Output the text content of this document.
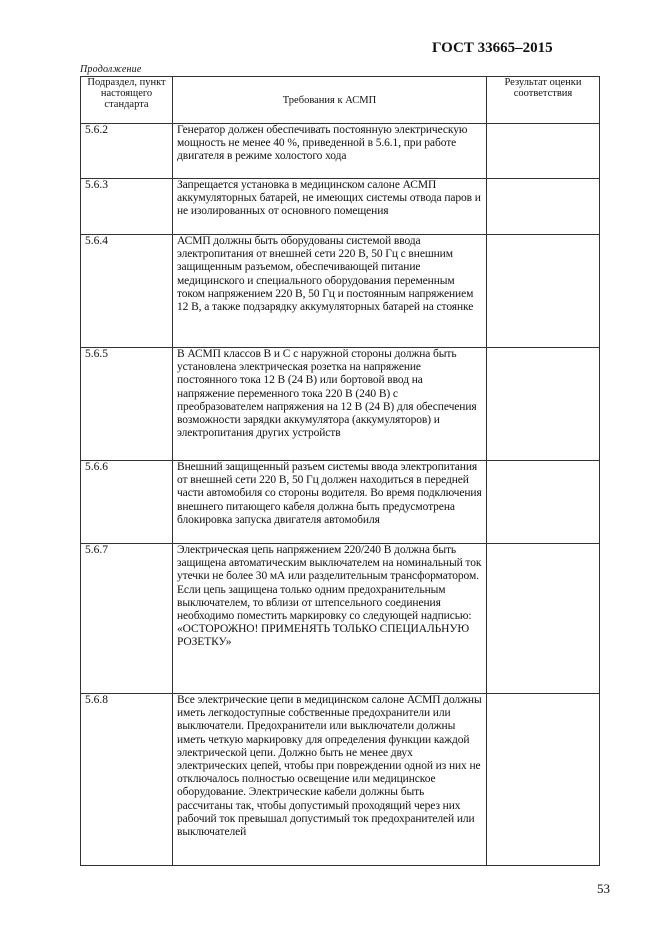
ГОСТ 33665–2015
Продолжение
Подраздел, пункт настоящего стандарта	Требования к АСМП	Результат оценки соответствия
5.6.2	Генератор должен обеспечивать постоянную электрическую мощность не менее 40 %, приведенной в 5.6.1, при работе двигателя в режиме холостого хода	
5.6.3	Запрещается установка в медицинском салоне АСМП аккумуляторных батарей, не имеющих системы отвода паров и не изолированных от основного помещения	
5.6.4	АСМП должны быть оборудованы системой ввода электропитания от внешней сети 220 В, 50 Гц с внешним защищенным разъемом, обеспечивающей питание медицинского и специального оборудования переменным током напряжением 220 В, 50 Гц и постоянным напряжением 12 В, а также подзарядку аккумуляторных батарей на стоянке	
5.6.5	В АСМП классов В и С с наружной стороны должна быть установлена электрическая розетка на напряжение постоянного тока 12 В (24 В) или бортовой ввод на напряжение переменного тока 220 В (240 В) с преобразователем напряжения на 12 В (24 В) для обеспечения возможности зарядки аккумулятора (аккумуляторов) и электропитания других устройств	
5.6.6	Внешний защищенный разъем системы ввода электропитания от внешней сети 220 В, 50 Гц должен находиться в передней части автомобиля со стороны водителя. Во время подключения внешнего питающего кабеля должна быть предусмотрена блокировка запуска двигателя автомобиля	
5.6.7	Электрическая цепь напряжением 220/240 В должна быть защищена автоматическим выключателем на номинальный ток утечки не более 30 мА или разделительным трансформатором. Если цепь защищена только одним предохранительным выключателем, то вблизи от штепсельного соединения необходимо поместить маркировку со следующей надписью:
«ОСТОРОЖНО! ПРИМЕНЯТЬ ТОЛЬКО СПЕЦИАЛЬНУЮ РОЗЕТКУ»	
5.6.8	Все электрические цепи в медицинском салоне АСМП должны иметь легкодоступные собственные предохранители или выключатели. Предохранители или выключатели должны иметь четкую маркировку для определения функции каждой электрической цепи. Должно быть не менее двух электрических цепей, чтобы при повреждении одной из них не отключалось полностью освещение или медицинское оборудование. Электрические кабели должны быть рассчитаны так, чтобы допустимый проходящий через них рабочий ток превышал допустимый ток предохранителей или выключателей	
53
